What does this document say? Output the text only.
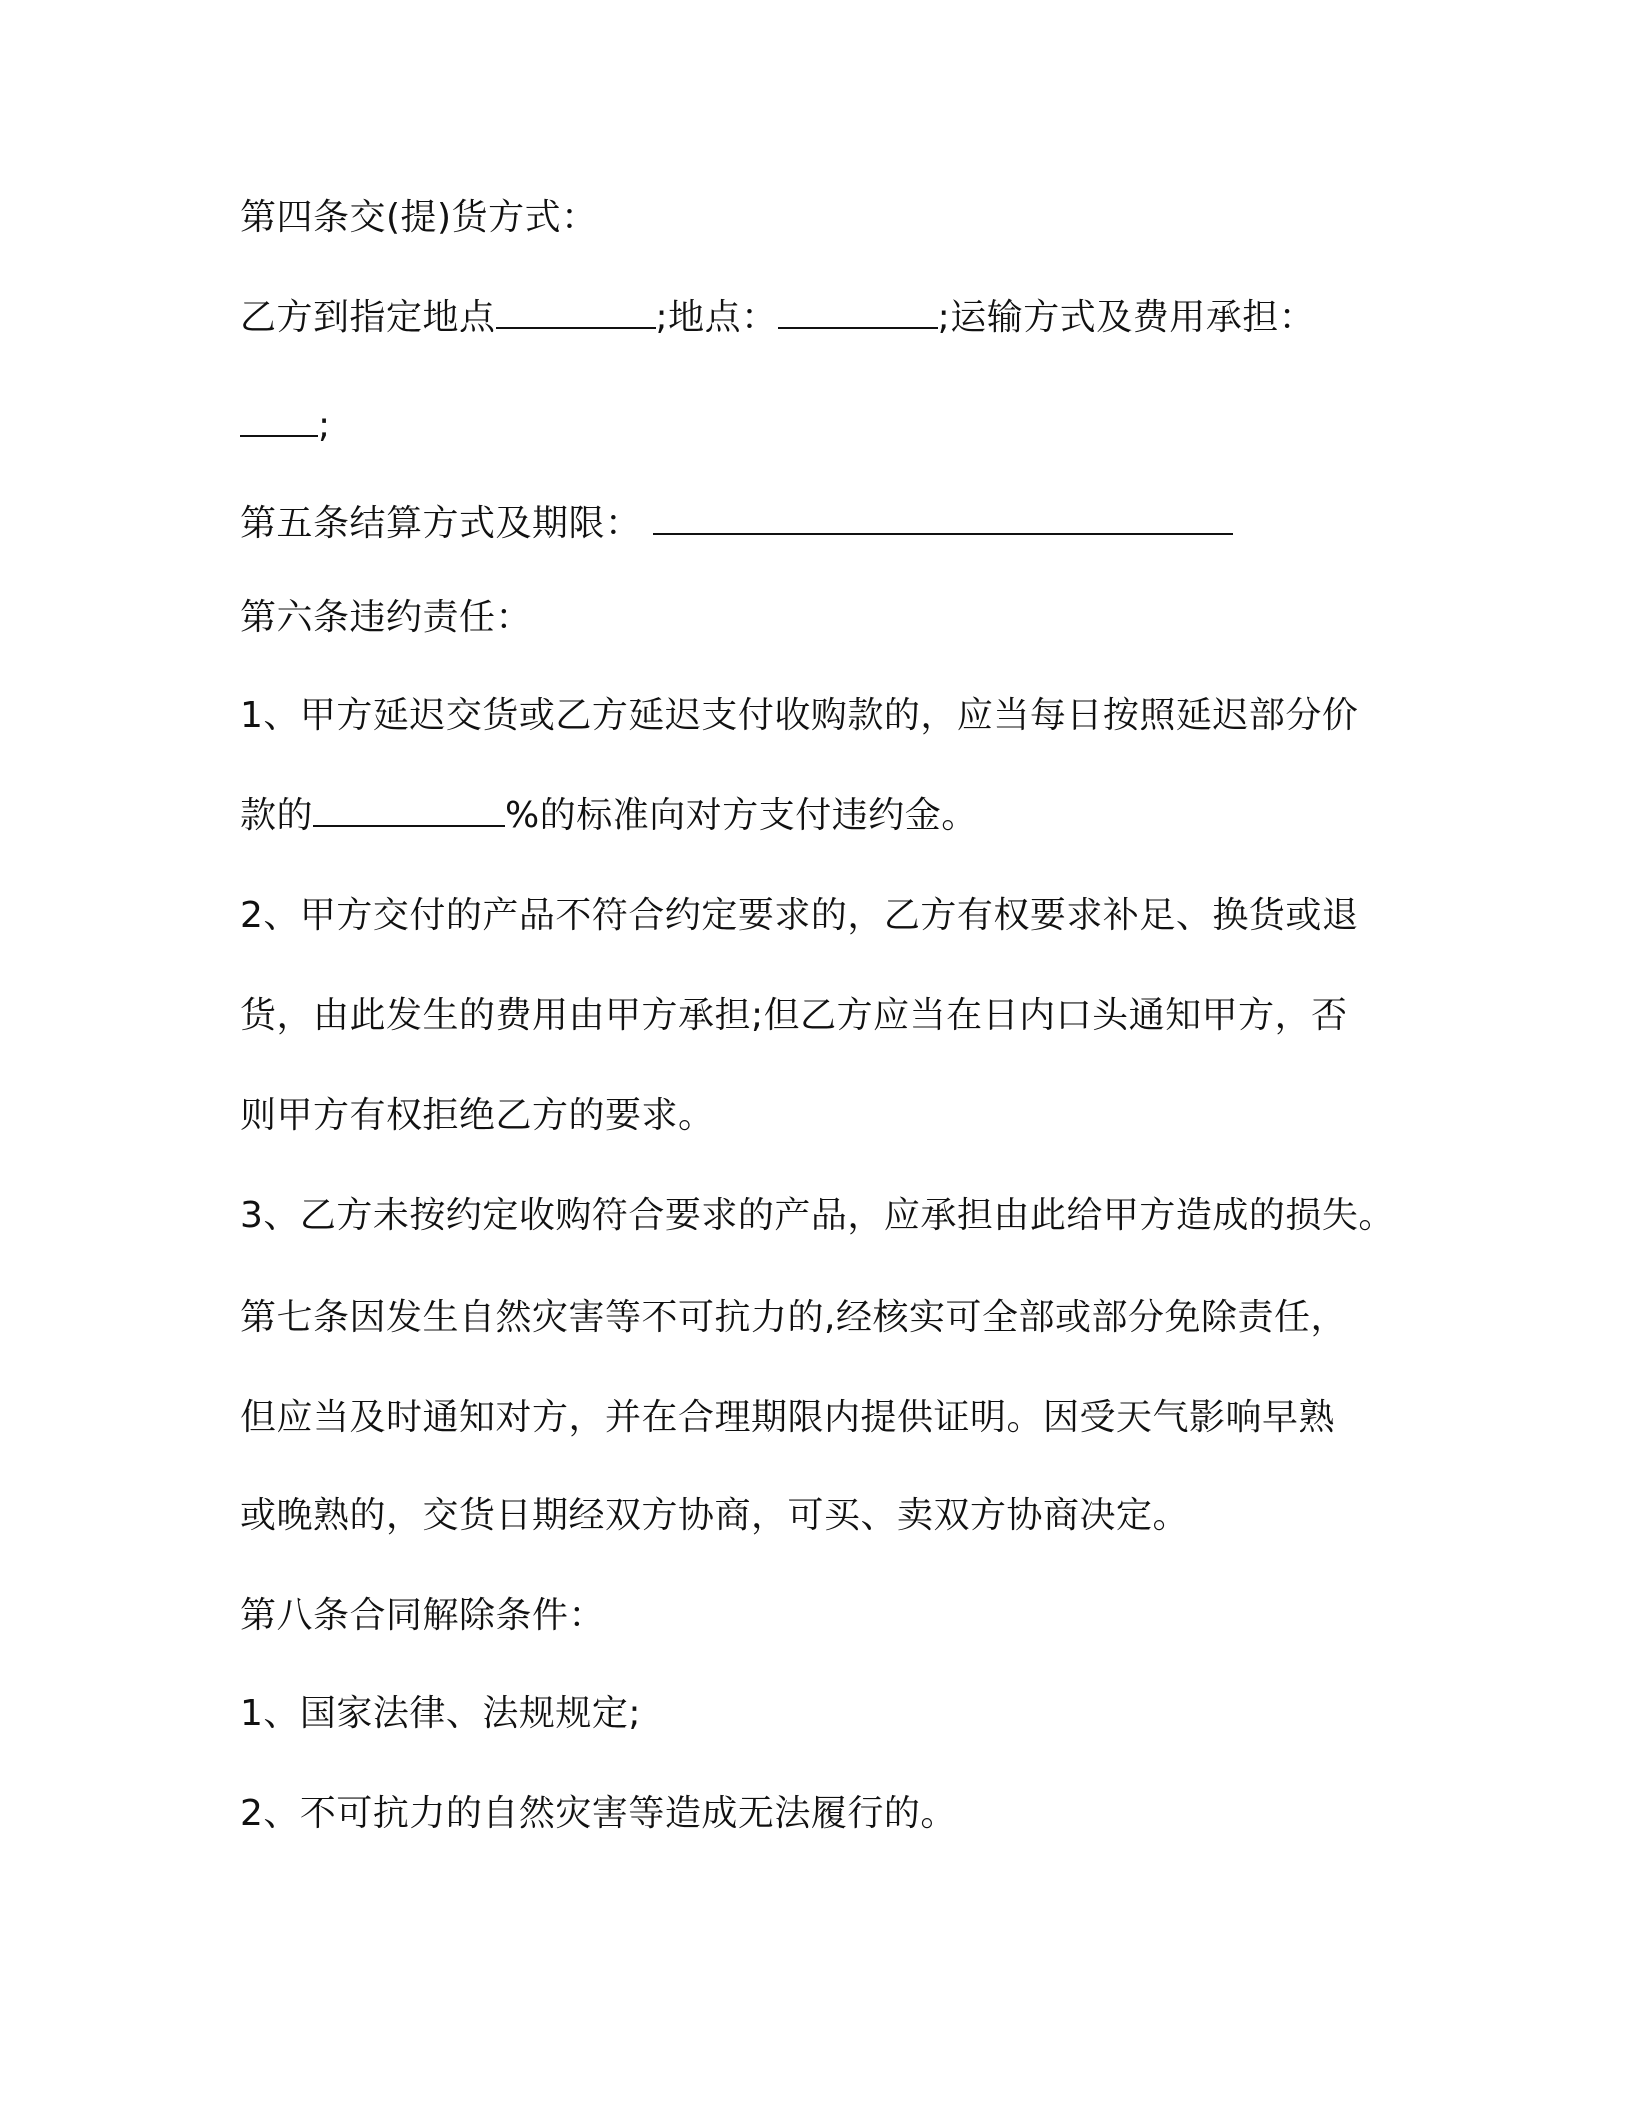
第四条交(提)货方式：
乙方到指定地点	;地点：	;运输方式及费用承担：
;
第五条结算方式及期限：
第六条违约责任：
1、甲方延迟交货或乙方延迟支付收购款的，应当每日按照延迟部分价
款的	%的标准向对方支付违约金。
2、甲方交付的产品不符合约定要求的，乙方有权要求补足、换货或退
货，由此发生的费用由甲方承担;但乙方应当在日内口头通知甲方，否
则甲方有权拒绝乙方的要求。
3、乙方未按约定收购符合要求的产品，应承担由此给甲方造成的损失。
第七条因发生自然灾害等不可抗力的,经核实可全部或部分免除责任，
但应当及时通知对方，并在合理期限内提供证明。因受天气影响早熟
或晚熟的，交货日期经双方协商，可买、卖双方协商决定。
第八条合同解除条件：
1、国家法律、法规规定;
2、不可抗力的自然灾害等造成无法履行的。
